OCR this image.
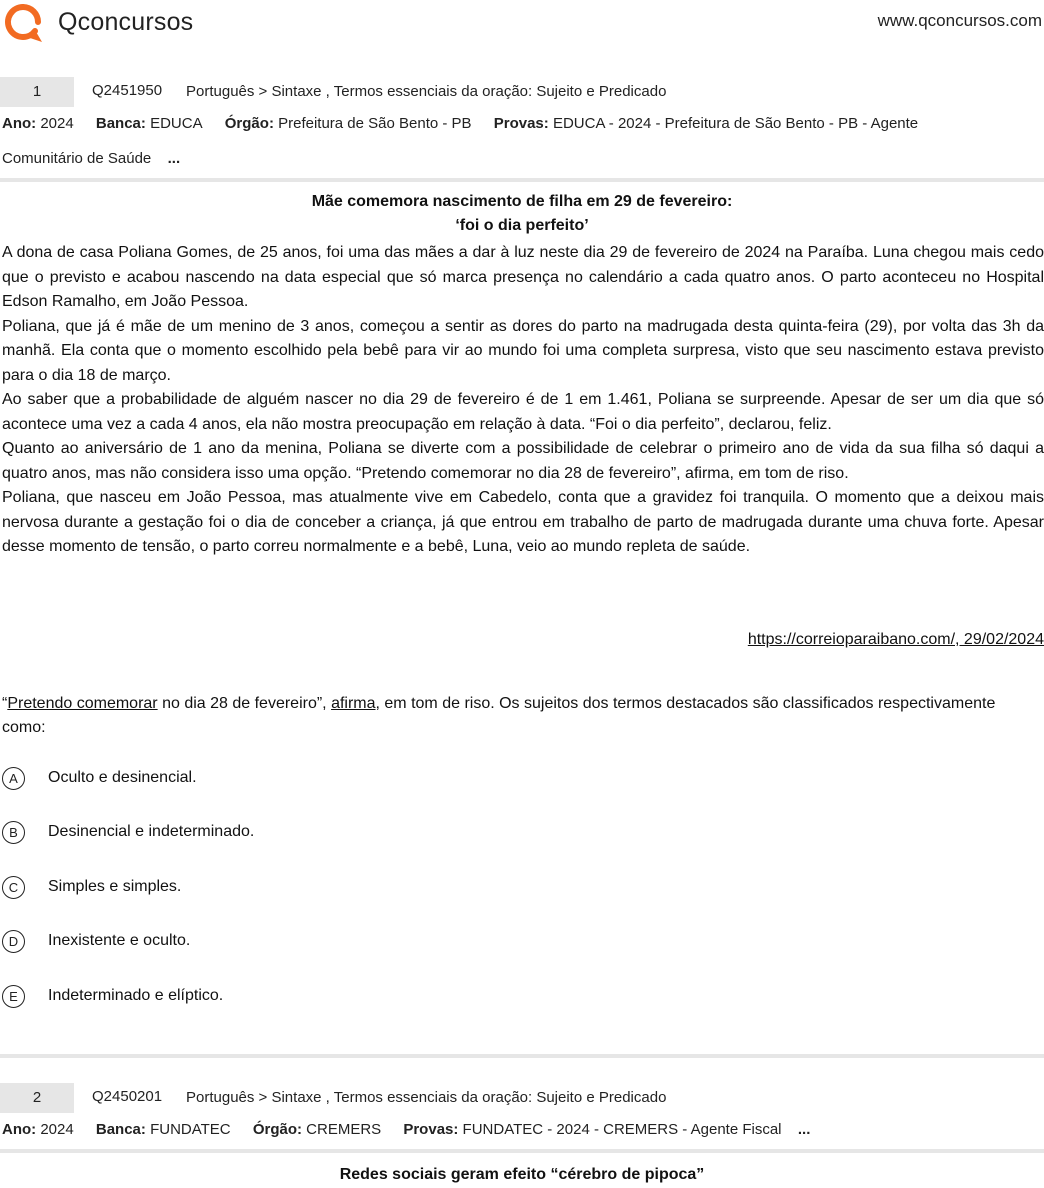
Qconcursos	www.qconcursos.com
1	Q2451950 Português > Sintaxe , Termos essenciais da oração: Sujeito e Predicado
Ano: 2024 Banca: EDUCA Órgão: Prefeitura de São Bento - PB Provas: EDUCA - 2024 - Prefeitura de São Bento - PB - Agente
Comunitário de Saúde ...
Mãe comemora nascimento de filha em 29 de fevereiro:
‘foi o dia perfeito’

A dona de casa Poliana Gomes, de 25 anos, foi uma das mães a dar à luz neste dia 29 de fevereiro de 2024 na Paraíba. Luna chegou mais cedo que o previsto e acabou nascendo na data especial que só marca presença no calendário a cada quatro anos. O parto aconteceu no Hospital Edson Ramalho, em João Pessoa.

Poliana, que já é mãe de um menino de 3 anos, começou a sentir as dores do parto na madrugada desta quinta-feira (29), por volta das 3h da manhã. Ela conta que o momento escolhido pela bebê para vir ao mundo foi uma completa surpresa, visto que seu nascimento estava previsto para o dia 18 de março.

Ao saber que a probabilidade de alguém nascer no dia 29 de fevereiro é de 1 em 1.461, Poliana se surpreende. Apesar de ser um dia que só acontece uma vez a cada 4 anos, ela não mostra preocupação em relação à data. “Foi o dia perfeito”, declarou, feliz.

Quanto ao aniversário de 1 ano da menina, Poliana se diverte com a possibilidade de celebrar o primeiro ano de vida da sua filha só daqui a quatro anos, mas não considera isso uma opção. “Pretendo comemorar no dia 28 de fevereiro”, afirma, em tom de riso.

Poliana, que nasceu em João Pessoa, mas atualmente vive em Cabedelo, conta que a gravidez foi tranquila. O momento que a deixou mais nervosa durante a gestação foi o dia de conceber a criança, já que entrou em trabalho de parto de madrugada durante uma chuva forte. Apesar desse momento de tensão, o parto correu normalmente e a bebê, Luna, veio ao mundo repleta de saúde.

https://correioparaibano.com/, 29/02/2024
“Pretendo comemorar no dia 28 de fevereiro”, afirma, em tom de riso. Os sujeitos dos termos destacados são classificados respectivamente como:
A	Oculto e desinencial.
B	Desinencial e indeterminado.
C	Simples e simples.
D	Inexistente e oculto.
E	Indeterminado e elíptico.
2	Q2450201 Português > Sintaxe , Termos essenciais da oração: Sujeito e Predicado
Ano: 2024 Banca: FUNDATEC Órgão: CREMERS Provas: FUNDATEC - 2024 - CREMERS - Agente Fiscal ...
Redes sociais geram efeito “cérebro de pipoca”
